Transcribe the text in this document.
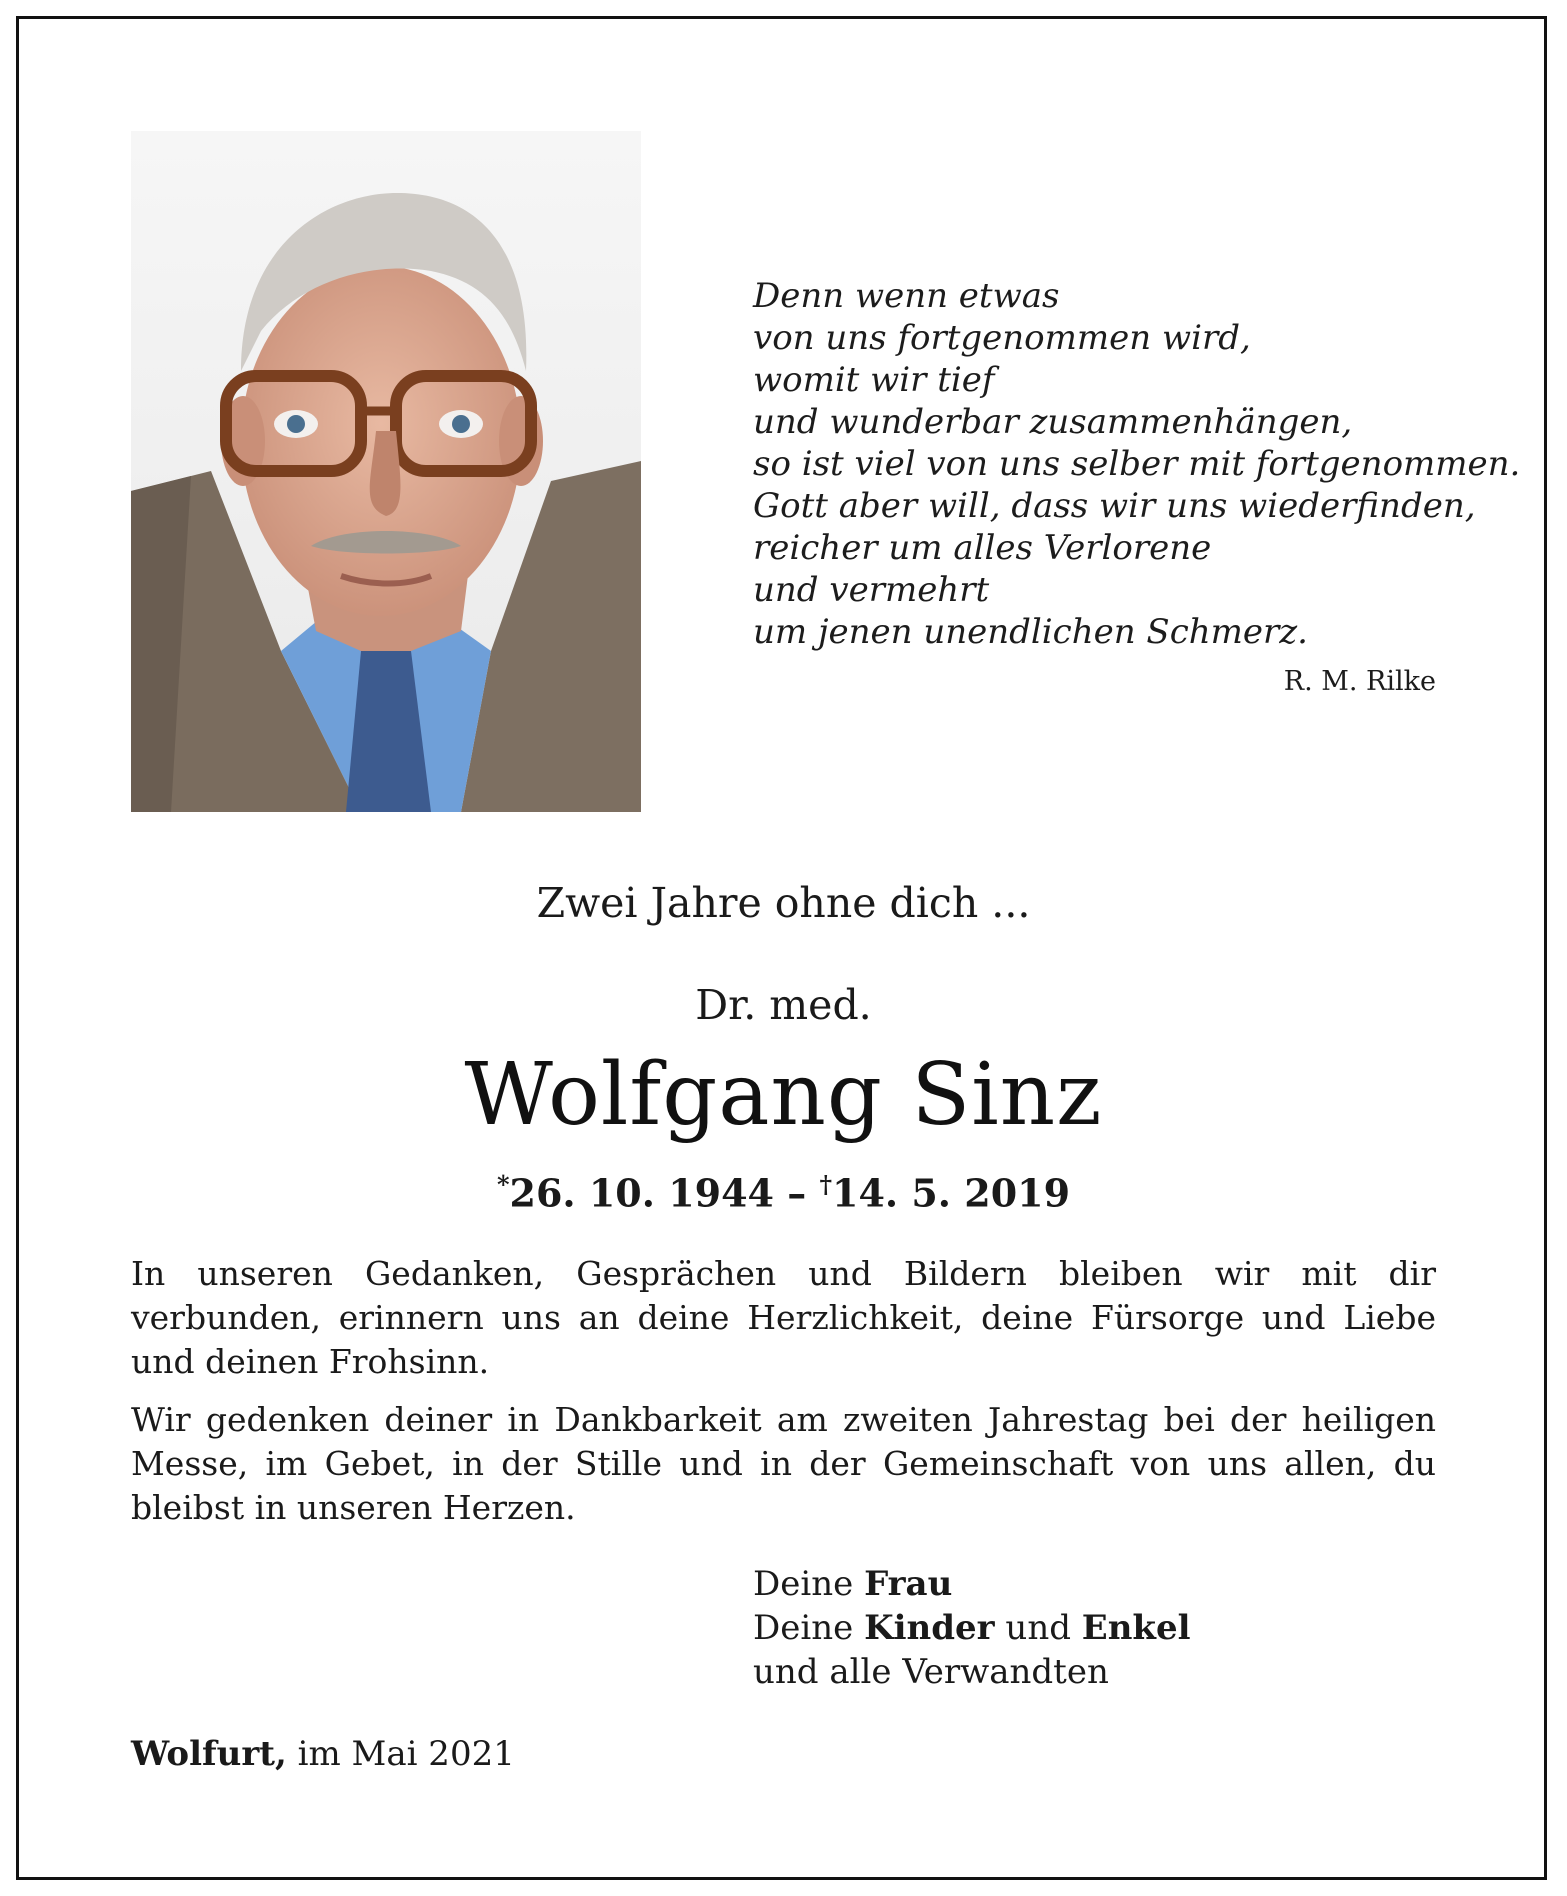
Denn wenn etwas
von uns fortgenommen wird,
womit wir tief
und wunderbar zusammenhängen,
so ist viel von uns selber mit fortgenommen.
Gott aber will, dass wir uns wiederfinden,
reicher um alles Verlorene
und vermehrt
um jenen unendlichen Schmerz.
R. M. Rilke
Zwei Jahre ohne dich ...
Dr. med.
Wolfgang Sinz
*26. 10. 1944 – †14. 5. 2019
In unseren Gedanken, Gesprächen und Bildern bleiben wir mit dir verbunden, erinnern uns an deine Herzlichkeit, deine Fürsorge und Liebe und deinen Frohsinn.
Wir gedenken deiner in Dankbarkeit am zweiten Jahrestag bei der heiligen Messe, im Gebet, in der Stille und in der Gemeinschaft von uns allen, du bleibst in unseren Herzen.
Deine Frau
Deine Kinder und Enkel
und alle Verwandten
Wolfurt, im Mai 2021
